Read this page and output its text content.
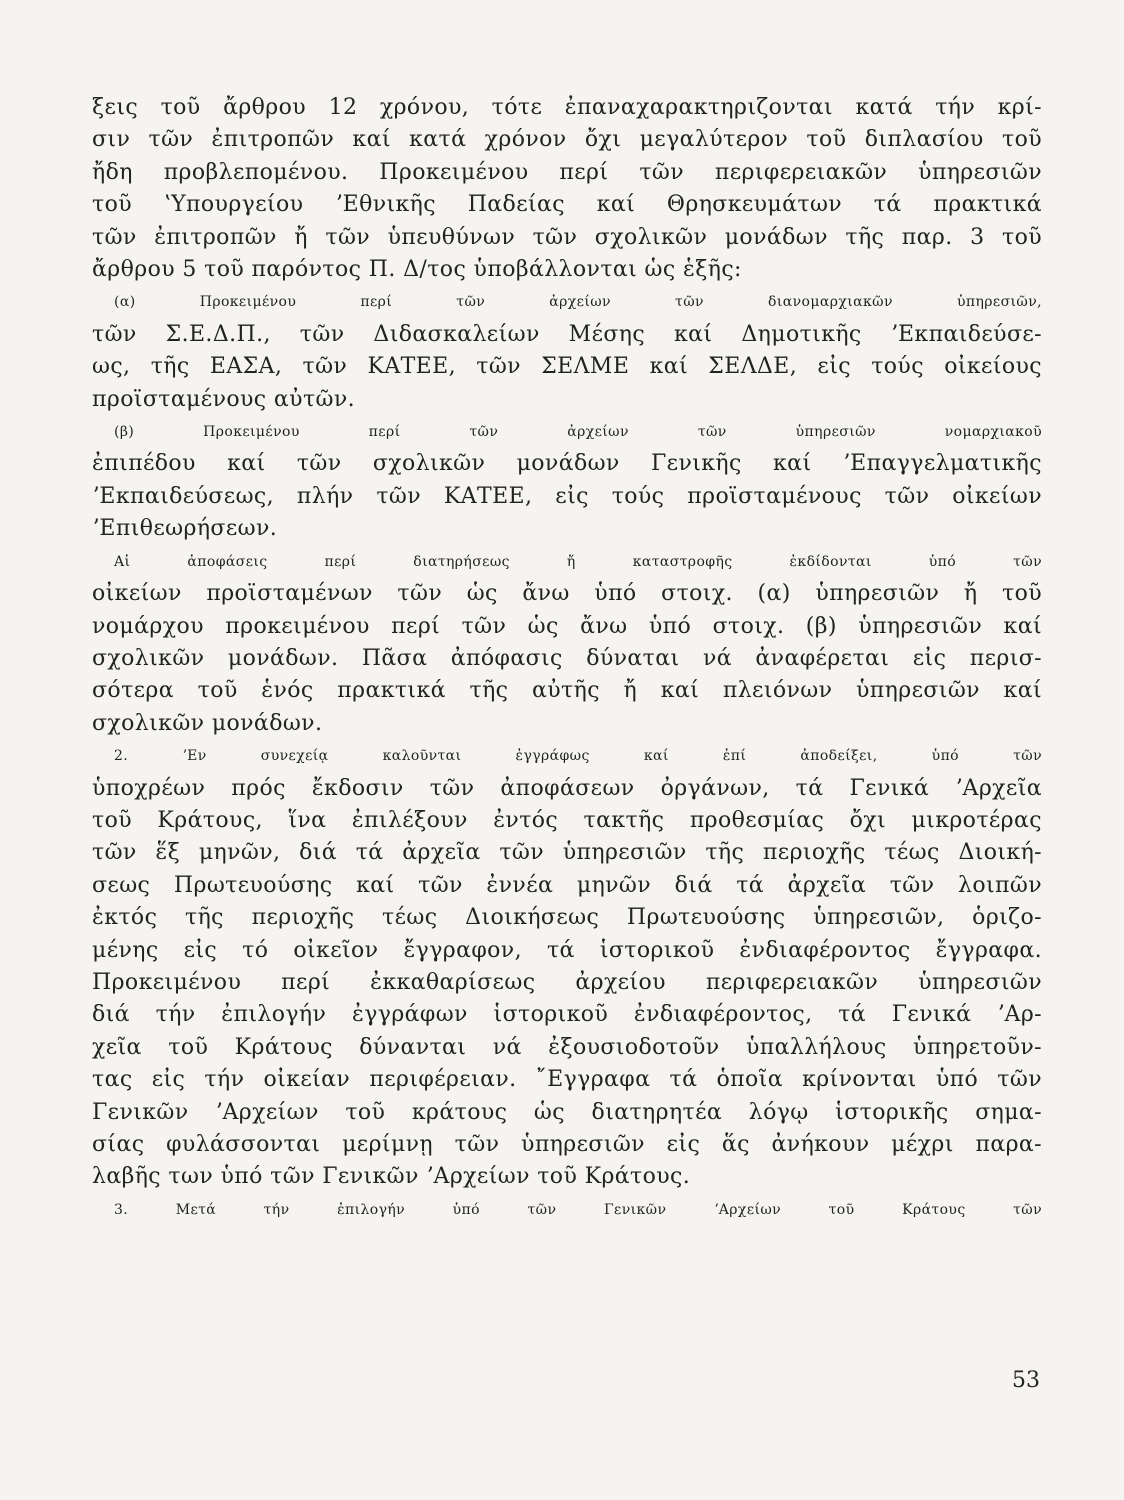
ξεις τοῦ ἄρθρου 12 χρόνου, τότε ἐπαναχαρακτηριζονται κατά τήν κρί-
σιν τῶν ἐπιτροπῶν καί κατά χρόνον ὄχι μεγαλύτερον τοῦ διπλασίου τοῦ
ἤδη προβλεπομένου. Προκειμένου περί τῶν περιφερειακῶν ὑπηρεσιῶν
τοῦ ʽΥπουργείου ʼΕθνικῆς Παδείας καί Θρησκευμάτων τά πρακτικά
τῶν ἐπιτροπῶν ἤ τῶν ὑπευθύνων τῶν σχολικῶν μονάδων τῆς παρ. 3 τοῦ
ἄρθρου 5 τοῦ παρόντος Π. Δ/τος ὑποβάλλονται ὡς ἑξῆς:
(α) Προκειμένου περί τῶν ἀρχείων τῶν διανομαρχιακῶν ὑπηρεσιῶν,
τῶν Σ.Ε.Δ.Π., τῶν Διδασκαλείων Μέσης καί Δημοτικῆς ʼΕκπαιδεύσε-
ως, τῆς ΕΑΣΑ, τῶν ΚΑΤΕΕ, τῶν ΣΕΛΜΕ καί ΣΕΛΔΕ, εἰς τούς οἰκείους
προϊσταμένους αὐτῶν.
(β) Προκειμένου περί τῶν ἀρχείων τῶν ὑπηρεσιῶν νομαρχιακοῦ
ἐπιπέδου καί τῶν σχολικῶν μονάδων Γενικῆς καί ʼΕπαγγελματικῆς
ʼΕκπαιδεύσεως, πλήν τῶν ΚΑΤΕΕ, εἰς τούς προϊσταμένους τῶν οἰκείων
ʼΕπιθεωρήσεων.
Αἱ ἀποφάσεις περί διατηρήσεως ἤ καταστροφῆς ἐκδίδονται ὑπό τῶν
οἰκείων προϊσταμένων τῶν ὡς ἄνω ὑπό στοιχ. (α) ὑπηρεσιῶν ἤ τοῦ
νομάρχου προκειμένου περί τῶν ὡς ἄνω ὑπό στοιχ. (β) ὑπηρεσιῶν καί
σχολικῶν μονάδων. Πᾶσα ἀπόφασις δύναται νά ἀναφέρεται εἰς περισ-
σότερα τοῦ ἑνός πρακτικά τῆς αὐτῆς ἤ καί πλειόνων ὑπηρεσιῶν καί
σχολικῶν μονάδων.
2. ʼΕν συνεχείᾳ καλοῦνται ἐγγράφως καί ἐπί ἀποδείξει, ὑπό τῶν
ὑποχρέων πρός ἔκδοσιν τῶν ἀποφάσεων ὀργάνων, τά Γενικά ʼΑρχεῖα
τοῦ Κράτους, ἵνα ἐπιλέξουν ἐντός τακτῆς προθεσμίας ὄχι μικροτέρας
τῶν ἕξ μηνῶν, διά τά ἀρχεῖα τῶν ὑπηρεσιῶν τῆς περιοχῆς τέως Διοική-
σεως Πρωτευούσης καί τῶν ἐννέα μηνῶν διά τά ἀρχεῖα τῶν λοιπῶν
ἐκτός τῆς περιοχῆς τέως Διοικήσεως Πρωτευούσης ὑπηρεσιῶν, ὁριζο-
μένης εἰς τό οἰκεῖον ἔγγραφον, τά ἱστορικοῦ ἐνδιαφέροντος ἔγγραφα.
Προκειμένου περί ἐκκαθαρίσεως ἀρχείου περιφερειακῶν ὑπηρεσιῶν
διά τήν ἐπιλογήν ἐγγράφων ἱστορικοῦ ἐνδιαφέροντος, τά Γενικά ʼΑρ-
χεῖα τοῦ Κράτους δύνανται νά ἐξουσιοδοτοῦν ὑπαλλήλους ὑπηρετοῦν-
τας εἰς τήν οἰκείαν περιφέρειαν. ῎Εγγραφα τά ὁποῖα κρίνονται ὑπό τῶν
Γενικῶν ʼΑρχείων τοῦ κράτους ὡς διατηρητέα λόγῳ ἱστορικῆς σημα-
σίας φυλάσσονται μερίμνῃ τῶν ὑπηρεσιῶν εἰς ἅς ἀνήκουν μέχρι παρα-
λαβῆς των ὑπό τῶν Γενικῶν ʼΑρχείων τοῦ Κράτους.
3. Μετά τήν ἐπιλογήν ὑπό τῶν Γενικῶν ʼΑρχείων τοῦ Κράτους τῶν
53
